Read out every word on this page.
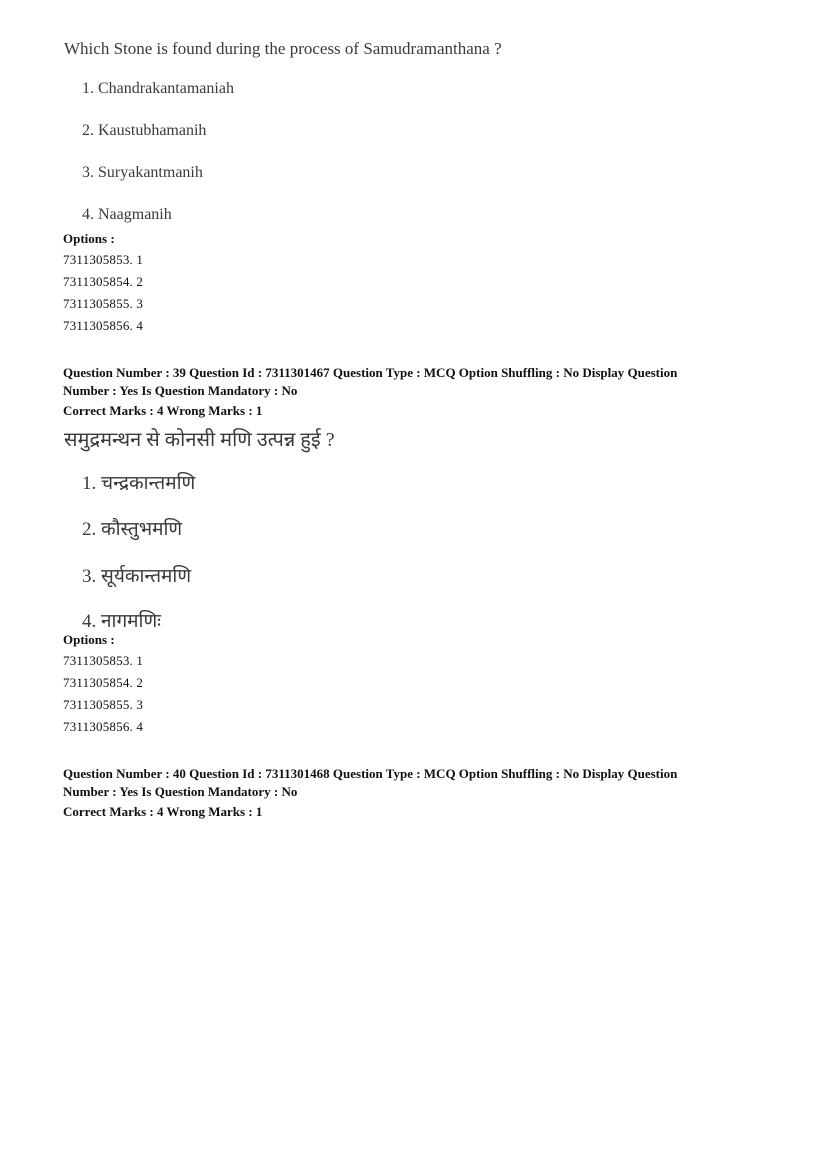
Which Stone is found during the process of Samudramanthana ?
1. Chandrakantamaniah
2. Kaustubhamanih
3. Suryakantmanih
4. Naagmanih
Options :
7311305853. 1
7311305854. 2
7311305855. 3
7311305856. 4
Question Number : 39 Question Id : 7311301467 Question Type : MCQ Option Shuffling : No Display Question
Number : Yes Is Question Mandatory : No
Correct Marks : 4 Wrong Marks : 1
समुद्रमन्थन से कोनसी मणि उत्पन्न हुई ?
1. चन्द्रकान्तमणि
2. कौस्तुभमणि
3. सूर्यकान्तमणि
4. नागमणिः
Options :
7311305853. 1
7311305854. 2
7311305855. 3
7311305856. 4
Question Number : 40 Question Id : 7311301468 Question Type : MCQ Option Shuffling : No Display Question
Number : Yes Is Question Mandatory : No
Correct Marks : 4 Wrong Marks : 1
